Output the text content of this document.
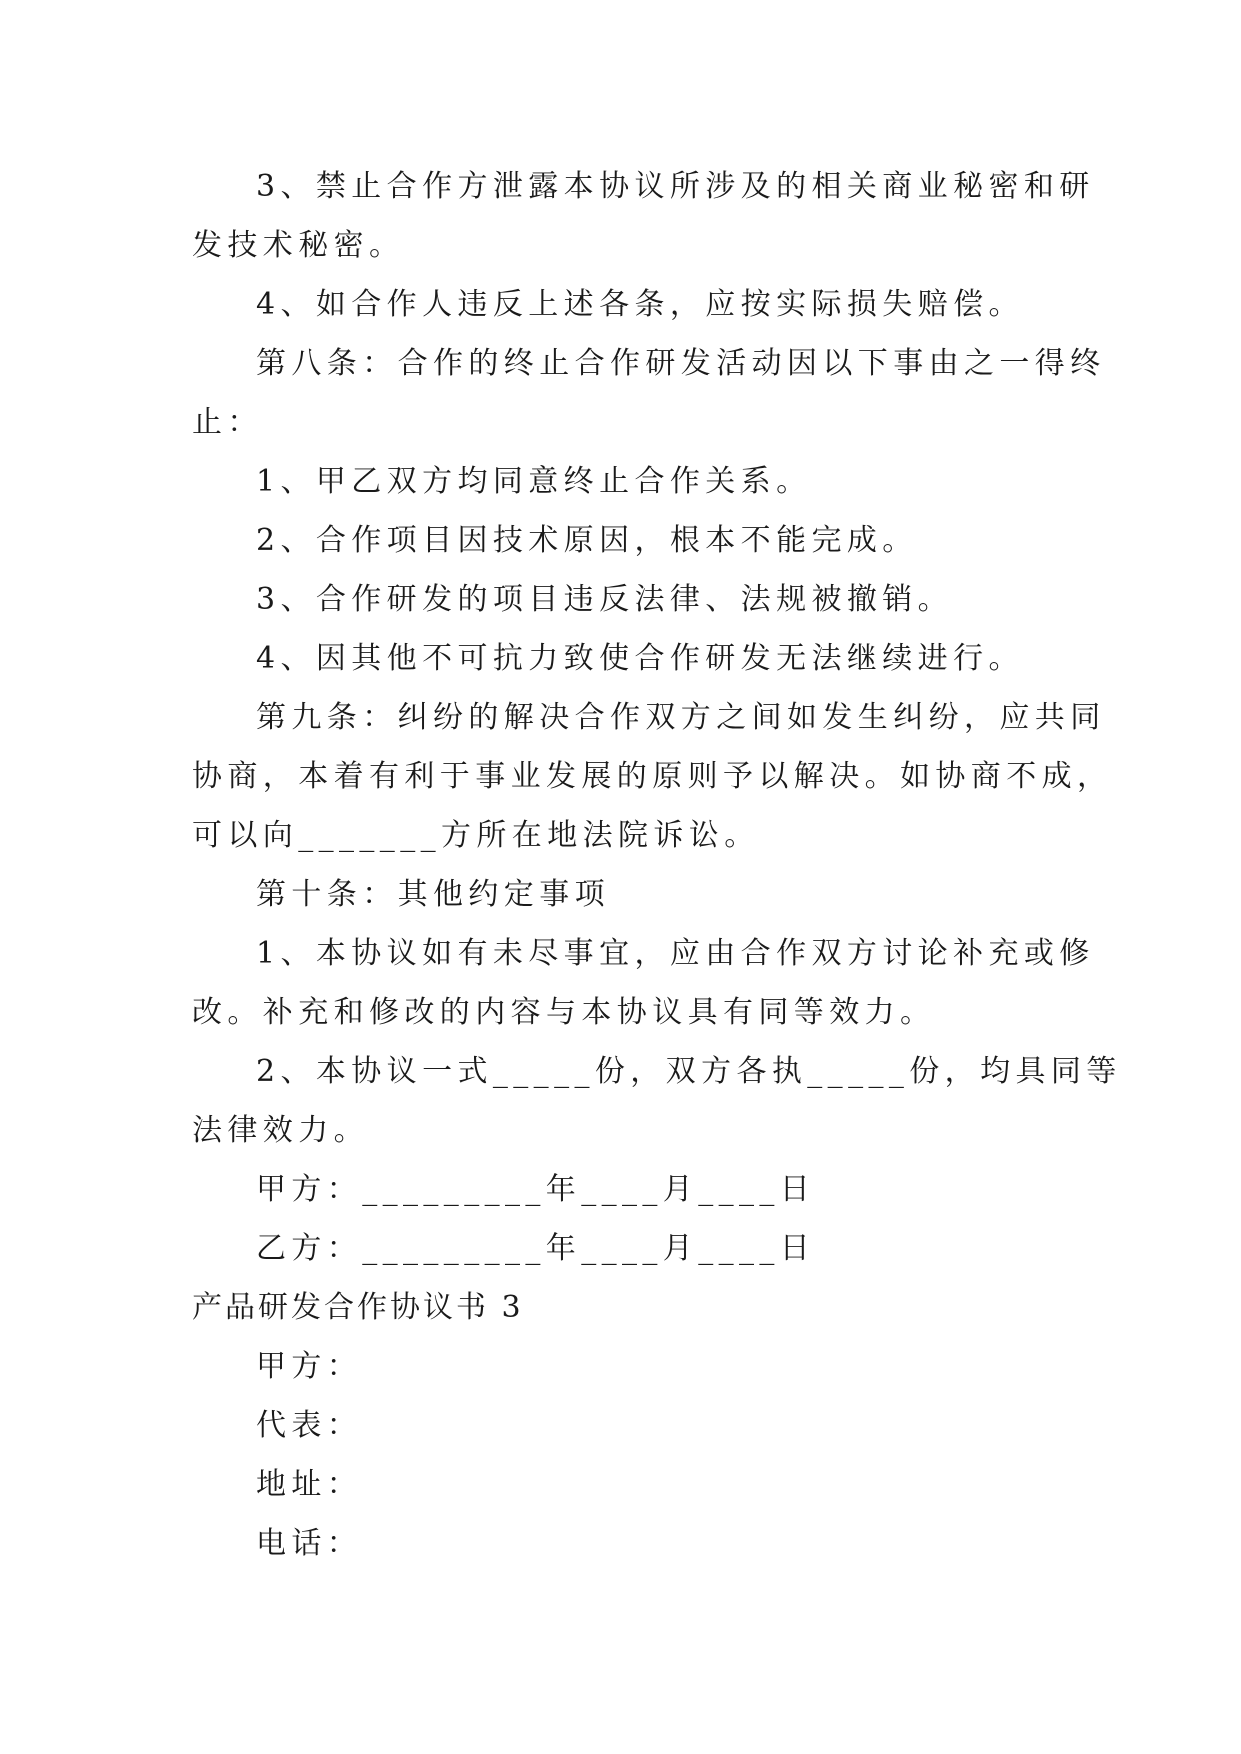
3、禁止合作方泄露本协议所涉及的相关商业秘密和研
发技术秘密。
4、如合作人违反上述各条，应按实际损失赔偿。
第八条：合作的终止合作研发活动因以下事由之一得终
止：
1、甲乙双方均同意终止合作关系。
2、合作项目因技术原因，根本不能完成。
3、合作研发的项目违反法律、法规被撤销。
4、因其他不可抗力致使合作研发无法继续进行。
第九条：纠纷的解决合作双方之间如发生纠纷，应共同
协商，本着有利于事业发展的原则予以解决。如协商不成，
可以向_______方所在地法院诉讼。
第十条：其他约定事项
1、本协议如有未尽事宜，应由合作双方讨论补充或修
改。补充和修改的内容与本协议具有同等效力。
2、本协议一式_____份，双方各执_____份，均具同等
法律效力。
甲方：_________年____月____日
乙方：_________年____月____日
产品研发合作协议书 3
甲方：
代表：
地址：
电话：
